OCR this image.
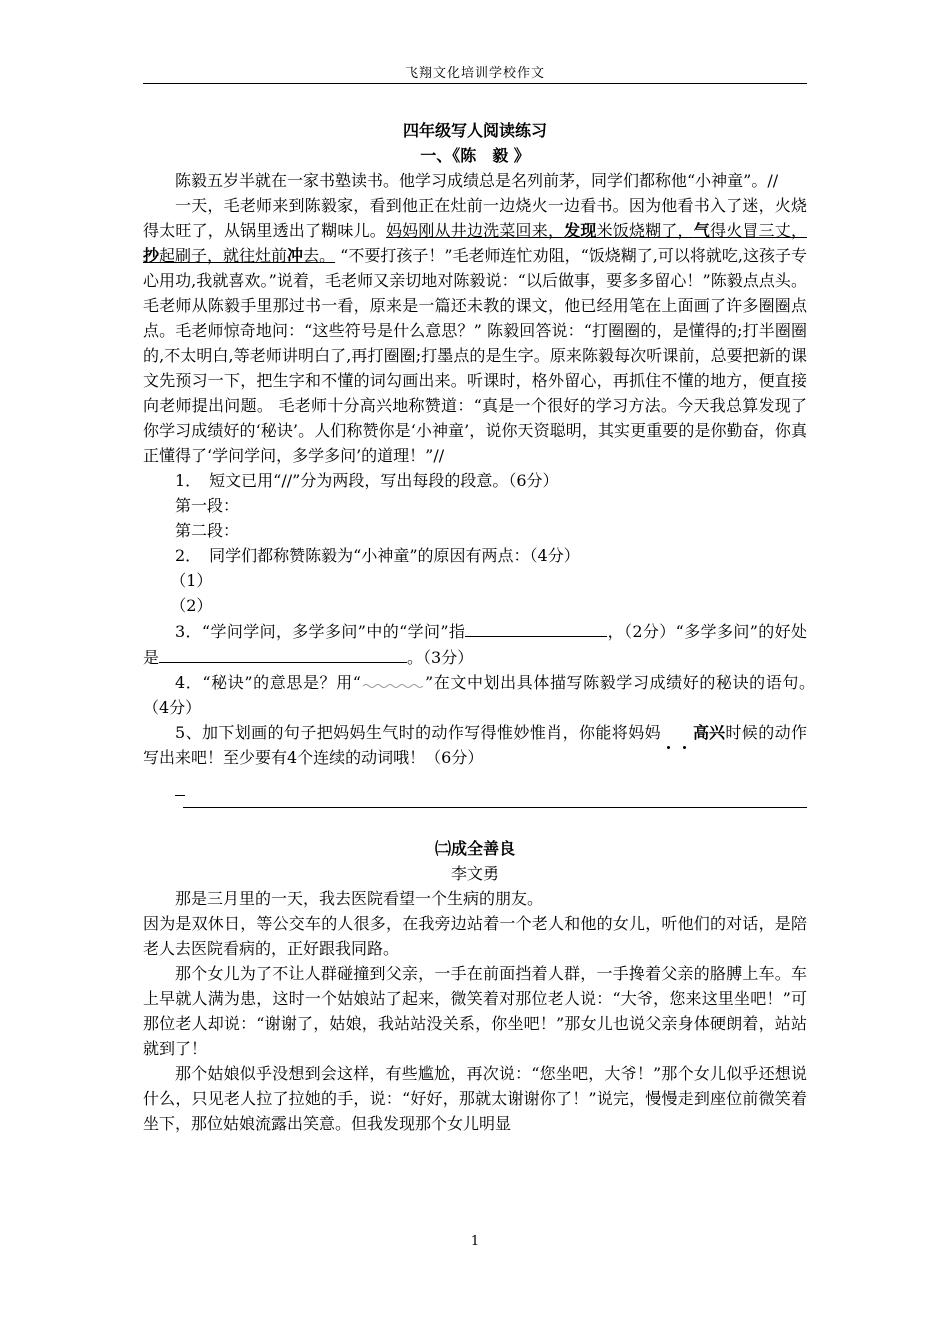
飞翔文化培训学校作文

四年级写人阅读练习

一、《陈　毅 》

陈毅五岁半就在一家书塾读书。他学习成绩总是名列前茅，同学们都称他“小神童”。//

一天，毛老师来到陈毅家，看到他正在灶前一边烧火一边看书。因为他看书入了迷，火烧得太旺了，从锅里透出了糊味儿。妈妈刚从井边洗菜回来，发现米饭烧糊了，气得火冒三丈，抄起刷子，就往灶前冲去。 “不要打孩子！”毛老师连忙劝阻，“饭烧糊了,可以将就吃,这孩子专心用功,我就喜欢。”说着，毛老师又亲切地对陈毅说：“以后做事，要多多留心！”陈毅点点头。毛老师从陈毅手里那过书一看，原来是一篇还未教的课文，他已经用笔在上面画了许多圈圈点点。毛老师惊奇地问：“这些符号是什么意思？” 陈毅回答说：“打圈圈的，是懂得的;打半圈圈的,不太明白,等老师讲明白了,再打圈圈;打墨点的是生字。原来陈毅每次听课前，总要把新的课文先预习一下，把生字和不懂的词勾画出来。听课时，格外留心，再抓住不懂的地方，便直接向老师提出问题。 毛老师十分高兴地称赞道：“真是一个很好的学习方法。今天我总算发现了你学习成绩好的‘秘诀’。人们称赞你是‘小神童’，说你天资聪明，其实更重要的是你勤奋，你真正懂得了‘学问学问，多学多问’的道理！”//

1．　短文已用“//”分为两段，写出每段的段意。（6分）

第一段：

第二段：

2．　同学们都称赞陈毅为“小神童”的原因有两点：（4分）

（1）

（2）

3．“学问学问，多学多问”中的“学问”指	，（2分）“多学多问”的好处是	。（3分）

4．“秘诀”的意思是？用“	”在文中划出具体描写陈毅学习成绩好的秘诀的语句。　（4分）

5、加下划画的句子把妈妈生气时的动作写得惟妙惟肖，你能将妈妈 高兴
时候的动作写出来吧！至少要有4个连续的动词哦！（6分）

㈡成全善良

李文勇

那是三月里的一天，我去医院看望一个生病的朋友。

因为是双休日，等公交车的人很多，在我旁边站着一个老人和他的女儿，听他们的对话，是陪老人去医院看病的，正好跟我同路。

那个女儿为了不让人群碰撞到父亲，一手在前面挡着人群，一手搀着父亲的胳膊上车。车上早就人满为患，这时一个姑娘站了起来，微笑着对那位老人说：“大爷，您来这里坐吧！”可那位老人却说：“谢谢了，姑娘，我站站没关系，你坐吧！”那女儿也说父亲身体硬朗着，站站就到了！

那个姑娘似乎没想到会这样，有些尴尬，再次说：“您坐吧，大爷！”那个女儿似乎还想说什么，只见老人拉了拉她的手，说：“好好，那就太谢谢你了！”说完，慢慢走到座位前微笑着坐下，那位姑娘流露出笑意。但我发现那个女儿明显

1
